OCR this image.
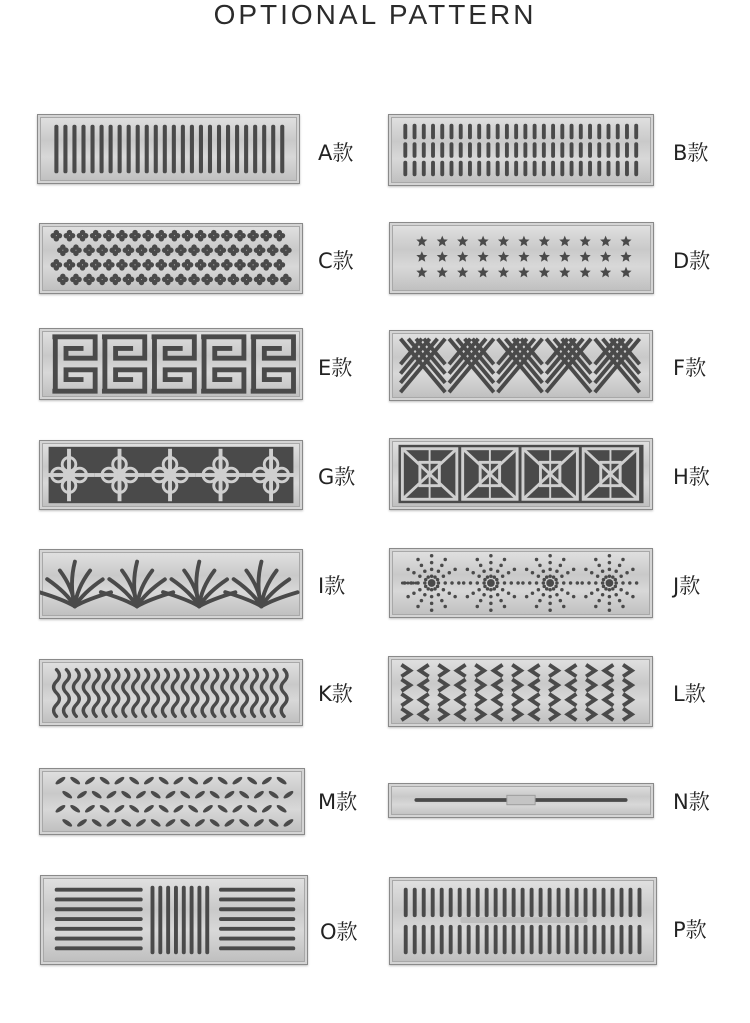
OPTIONAL PATTERN
A款
C款
E款
G款
I款
K款
M款
O款
B款
D款
F款
H款
J款
L款
N款
P款
